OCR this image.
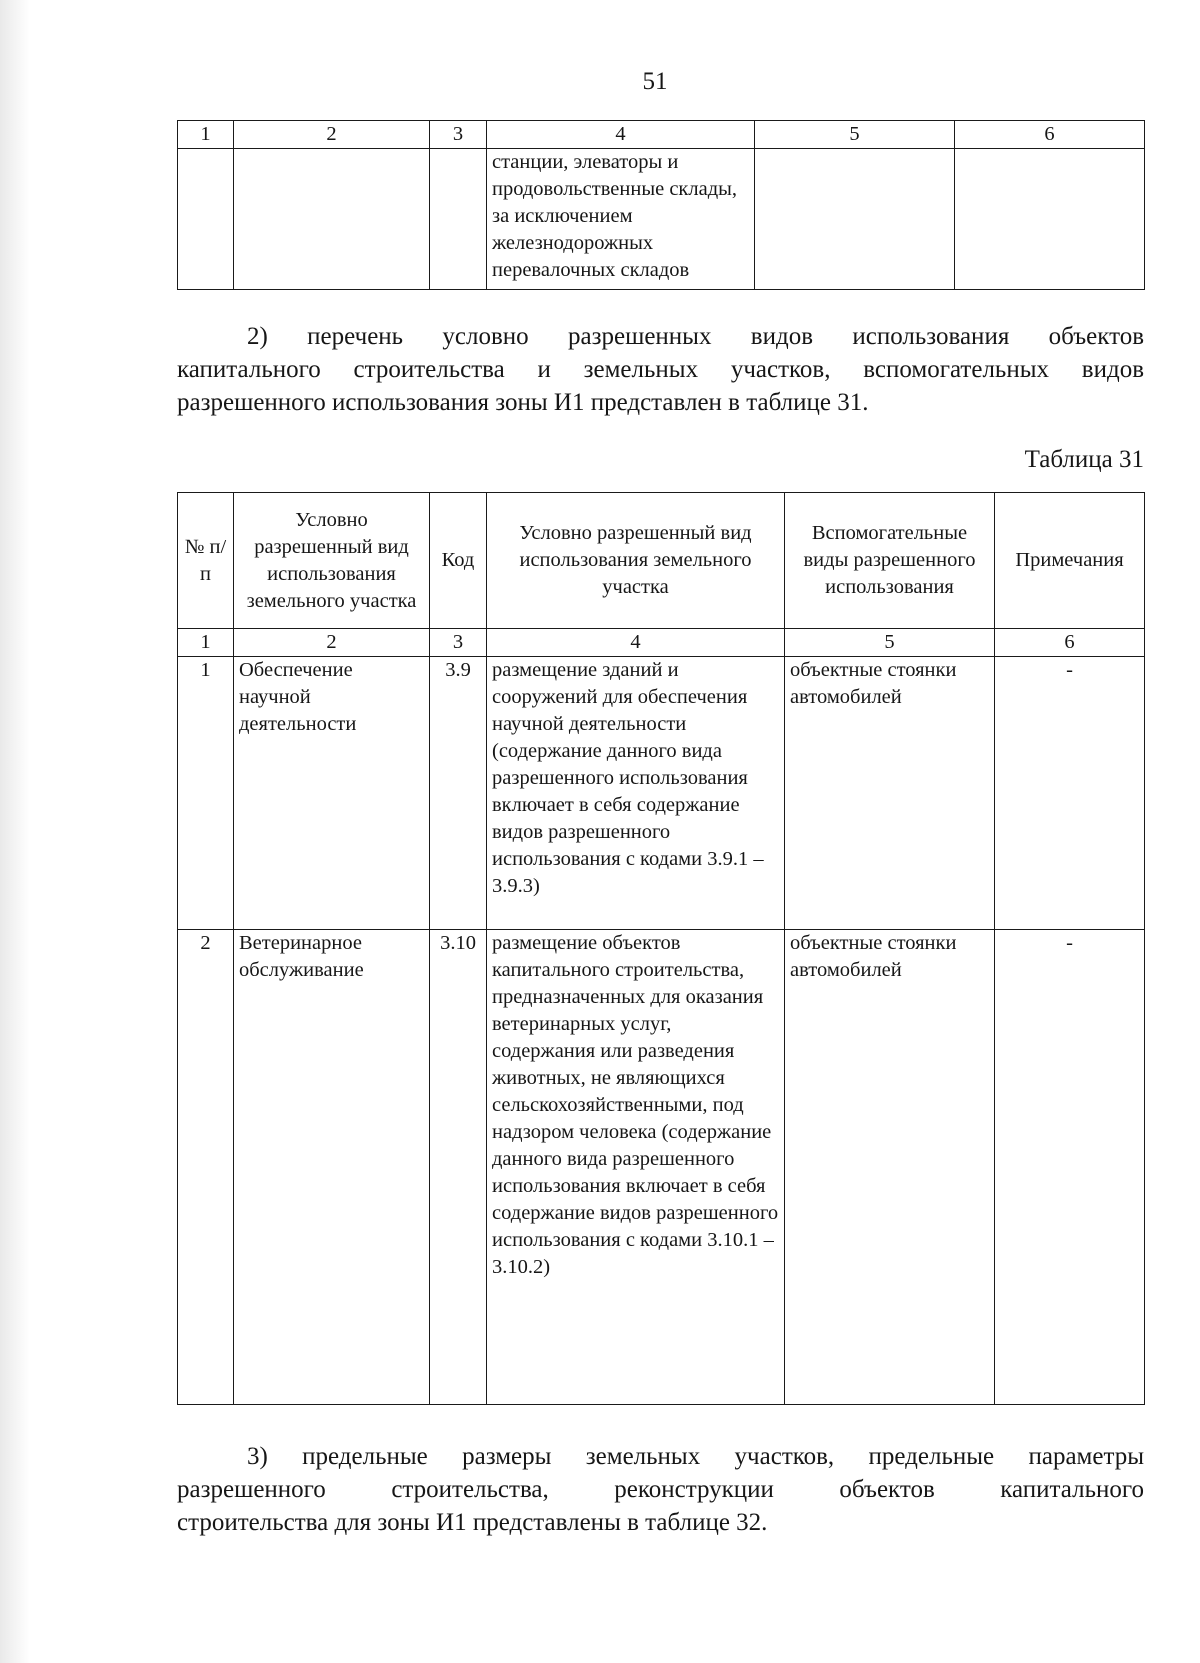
51
1	2	3	4	5	6
			станции, элеваторы и продовольственные склады, за исключением железнодорожных перевалочных складов		
2) перечень условно разрешенных видов использования объектов
капитального строительства и земельных участков, вспомогательных видов
разрешенного использования зоны И1 представлен в таблице 31.
Таблица 31
№ п/п	Условно разрешенный вид использования земельного участка	Код	Условно разрешенный вид использования земельного участка	Вспомогательные виды разрешенного использования	Примечания
1	2	3	4	5	6
1	Обеспечение научной деятельности	3.9	размещение зданий и сооружений для обеспечения научной деятельности (содержание данного вида разрешенного использования включает в себя содержание видов разрешенного использования с кодами 3.9.1 – 3.9.3)	объектные стоянки автомобилей	-
2	Ветеринарное обслуживание	3.10	размещение объектов капитального строительства, предназначенных для оказания ветеринарных услуг, содержания или разведения животных, не являющихся сельскохозяйственными, под надзором человека (содержание данного вида разрешенного использования включает в себя содержание видов разрешенного использования с кодами 3.10.1 – 3.10.2)	объектные стоянки автомобилей	-
3) предельные размеры земельных участков, предельные параметры
разрешенного строительства, реконструкции объектов капитального
строительства для зоны И1 представлены в таблице 32.
